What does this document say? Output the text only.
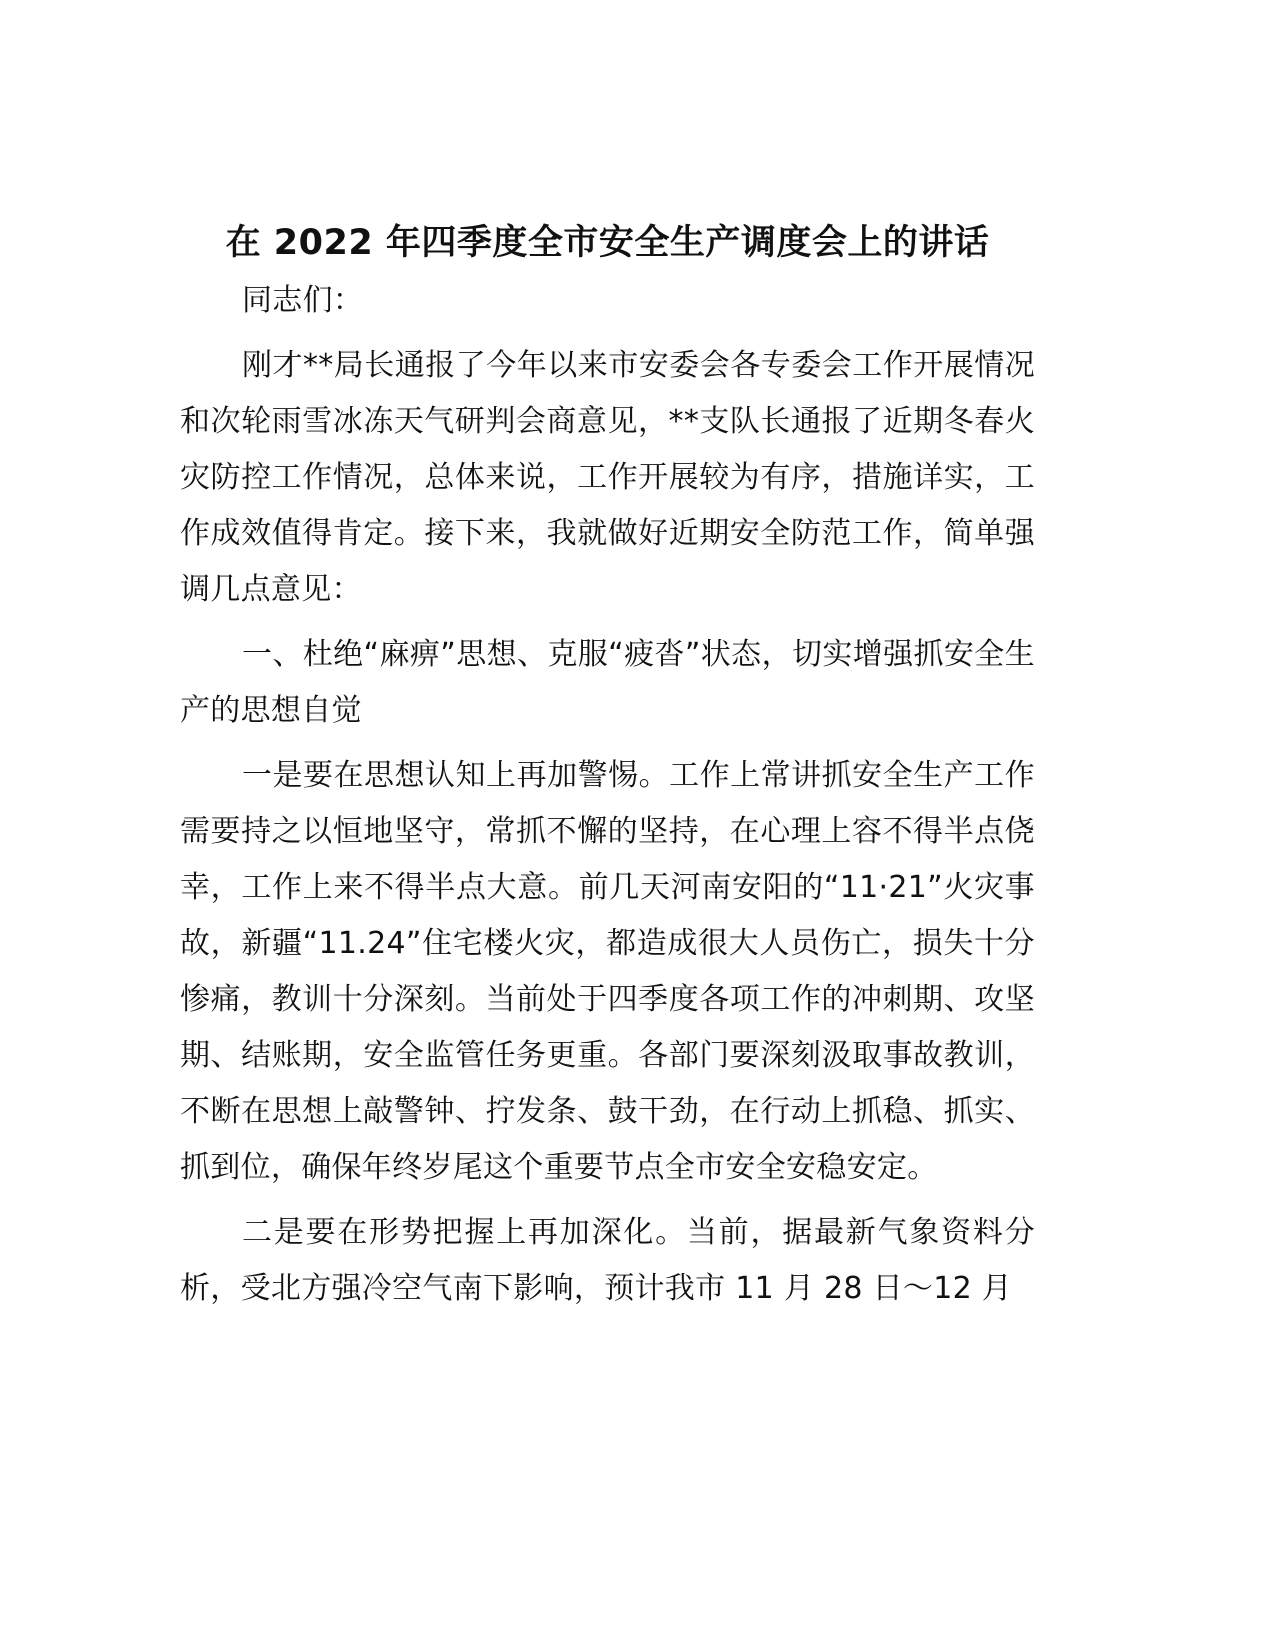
在 2022 年四季度全市安全生产调度会上的讲话

同志们：

刚才**局长通报了今年以来市安委会各专委会工作开展情况和次轮雨雪冰冻天气研判会商意见，**支队长通报了近期冬春火灾防控工作情况，总体来说，工作开展较为有序，措施详实，工作成效值得肯定。接下来，我就做好近期安全防范工作，简单强调几点意见：

一、杜绝“麻痹”思想、克服“疲沓”状态，切实增强抓安全生产的思想自觉

一是要在思想认知上再加警惕。工作上常讲抓安全生产工作需要持之以恒地坚守，常抓不懈的坚持，在心理上容不得半点侥幸，工作上来不得半点大意。前几天河南安阳的“11·21”火灾事故，新疆“11.24”住宅楼火灾，都造成很大人员伤亡，损失十分惨痛，教训十分深刻。当前处于四季度各项工作的冲刺期、攻坚期、结账期，安全监管任务更重。各部门要深刻汲取事故教训，不断在思想上敲警钟、拧发条、鼓干劲，在行动上抓稳、抓实、抓到位，确保年终岁尾这个重要节点全市安全安稳安定。

二是要在形势把握上再加深化。当前，据最新气象资料分析，受北方强冷空气南下影响，预计我市 11 月 28 日～12 月
